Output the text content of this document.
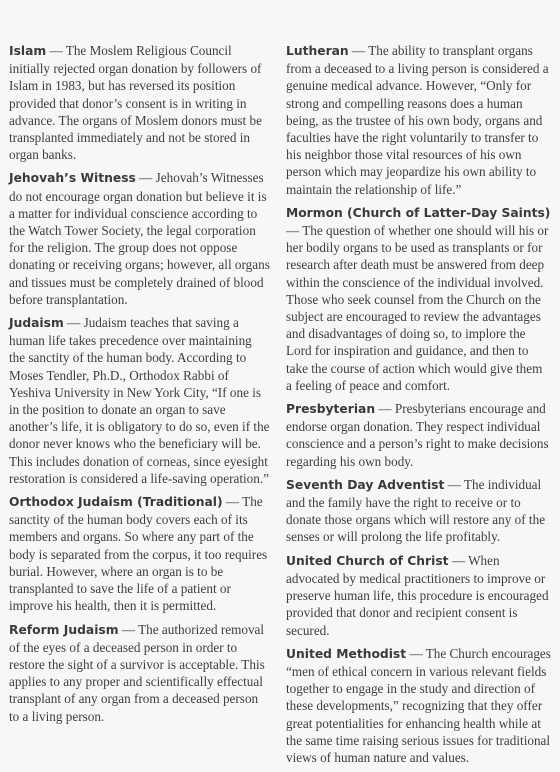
Islam — The Moslem Religious Council initially rejected organ donation by followers of Islam in 1983, but has reversed its position provided that donor’s consent is in writing in advance. The organs of Moslem donors must be transplanted immediately and not be stored in organ banks.

Jehovah’s Witness — Jehovah’s Witnesses do not encourage organ donation but believe it is a matter for individual conscience according to the Watch Tower Society, the legal corporation for the religion. The group does not oppose donating or receiving organs; however, all organs and tissues must be completely drained of blood before transplantation.

Judaism — Judaism teaches that saving a human life takes precedence over maintaining the sanctity of the human body. According to Moses Tendler, Ph.D., Orthodox Rabbi of Yeshiva University in New York City, “If one is in the position to donate an organ to save another’s life, it is obligatory to do so, even if the donor never knows who the beneficiary will be. This includes donation of corneas, since eyesight restoration is considered a life-saving operation.”

Orthodox Judaism (Traditional) — The sanctity of the human body covers each of its members and organs. So where any part of the body is separated from the corpus, it too requires burial. However, where an organ is to be transplanted to save the life of a patient or improve his health, then it is permitted.

Reform Judaism — The authorized removal of the eyes of a deceased person in order to restore the sight of a survivor is acceptable. This applies to any proper and scientifically effectual transplant of any organ from a deceased person to a living person.

Lutheran — The ability to transplant organs from a deceased to a living person is considered a genuine medical advance. However, “Only for strong and compelling reasons does a human being, as the trustee of his own body, organs and faculties have the right voluntarily to transfer to his neighbor those vital resources of his own person which may jeopardize his own ability to maintain the relationship of life.”

Mormon (Church of Latter-Day Saints) — The question of whether one should will his or her bodily organs to be used as transplants or for research after death must be answered from deep within the conscience of the individual involved. Those who seek counsel from the Church on the subject are encouraged to review the advantages and disadvantages of doing so, to implore the Lord for inspiration and guidance, and then to take the course of action which would give them a feeling of peace and comfort.

Presbyterian — Presbyterians encourage and endorse organ donation. They respect individual conscience and a person’s right to make decisions regarding his own body.

Seventh Day Adventist — The individual and the family have the right to receive or to donate those organs which will restore any of the senses or will prolong the life profitably.

United Church of Christ — When advocated by medical practitioners to improve or preserve human life, this procedure is encouraged provided that donor and recipient consent is secured.

United Methodist — The Church encourages “men of ethical concern in various relevant fields together to engage in the study and direction of these developments,” recognizing that they offer great potentialities for enhancing health while at the same time raising serious issues for traditional views of human nature and values.
